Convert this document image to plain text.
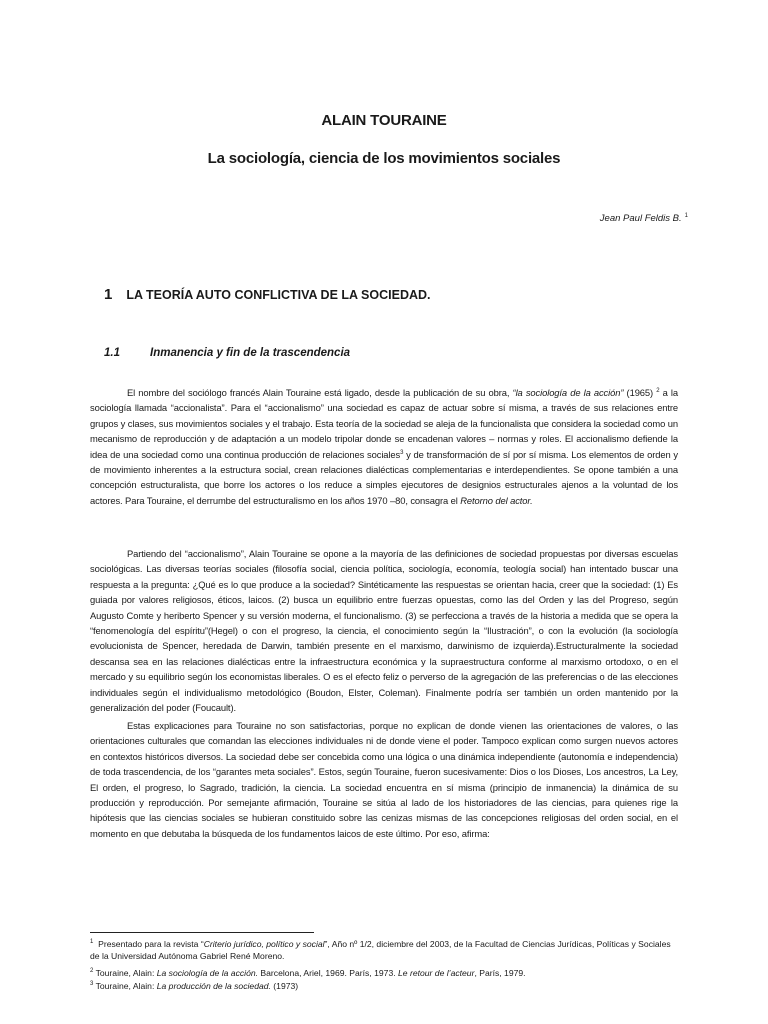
ALAIN TOURAINE
La sociología, ciencia de los movimientos sociales
Jean Paul Feldis B. $^1$
1 LA TEORÍA AUTO CONFLICTIVA DE LA SOCIEDAD.
1.1	Inmanencia y fin de la trascendencia
El nombre del sociólogo francés Alain Touraine está ligado, desde la publicación de su obra, “la sociología de la acción” (1965) $^2$ a la sociología llamada “accionalista”. Para el “accionalismo” una sociedad es capaz de actuar sobre sí misma, a través de sus relaciones entre grupos y clases, sus movimientos sociales y el trabajo. Esta teoría de la sociedad se aleja de la funcionalista que considera la sociedad como un mecanismo de reproducción y de adaptación a un modelo tripolar donde se encadenan valores – normas y roles. El accionalismo defiende la idea de una sociedad como una continua producción de relaciones sociales$^3$ y de transformación de sí por sí misma. Los elementos de orden y de movimiento inherentes a la estructura social, crean relaciones dialécticas complementarias e interdependientes. Se opone también a una concepción estructuralista, que borre los actores o los reduce a simples ejecutores de designios estructurales ajenos a la voluntad de los actores. Para Touraine, el derrumbe del estructuralismo en los años 1970 –80, consagra el Retorno del actor.
Partiendo del “accionalismo”, Alain Touraine se opone a la mayoría de las definiciones de sociedad propuestas por diversas escuelas sociológicas. Las diversas teorías sociales (filosofía social, ciencia política, sociología, economía, teología social) han intentado buscar una respuesta a la pregunta: ¿Qué es lo que produce a la sociedad? Sintéticamente las respuestas se orientan hacia, creer que la sociedad: (1) Es guiada por valores religiosos, éticos, laicos. (2) busca un equilibrio entre fuerzas opuestas, como las del Orden y las del Progreso, según Augusto Comte y heriberto Spencer y su versión moderna, el funcionalismo. (3) se perfecciona a través de la historia a medida que se opera la “fenomenología del espíritu”(Hegel) o con el progreso, la ciencia, el conocimiento según la “Ilustración”, o con la evolución (la sociología evolucionista de Spencer, heredada de Darwin, también presente en el marxismo, darwinismo de izquierda).Estructuralmente la sociedad descansa sea en las relaciones dialécticas entre la infraestructura económica y la supraestructura conforme al marxismo ortodoxo, o en el mercado y su equilibrio según los economistas liberales. O es el efecto feliz o perverso de la agregación de las preferencias o de las elecciones individuales según el individualismo metodológico (Boudon, Elster, Coleman). Finalmente podría ser también un orden mantenido por la generalización del poder (Foucault).
Estas explicaciones para Touraine no son satisfactorias, porque no explican de donde vienen las orientaciones de valores, o las orientaciones culturales que comandan las elecciones individuales ni de donde viene el poder. Tampoco explican como surgen nuevos actores en contextos históricos diversos. La sociedad debe ser concebida como una lógica o una dinámica independiente (autonomía e independencia) de toda trascendencia, de los “garantes meta sociales”. Estos, según Touraine, fueron sucesivamente: Dios o los Dioses, Los ancestros, La Ley, El orden, el progreso, lo Sagrado, tradición, la ciencia. La sociedad encuentra en sí misma (principio de inmanencia) la dinámica de su producción y reproducción. Por semejante afirmación, Touraine se sitúa al lado de los historiadores de las ciencias, para quienes rige la hipótesis que las ciencias sociales se hubieran constituido sobre las cenizas mismas de las concepciones religiosas del orden social, en el momento en que debutaba la búsqueda de los fundamentos laicos de este último. Por eso, afirma:
$^1$ Presentado para la revista “Criterio jurídico, político y social”, Año nº 1/2, diciembre del 2003, de la Facultad de Ciencias Jurídicas, Políticas y Sociales de la Universidad Autónoma Gabriel René Moreno.
$^2$ Touraine, Alain: La sociología de la acción. Barcelona, Ariel, 1969. París, 1973. Le retour de l’acteur, París, 1979.
$^3$ Touraine, Alain: La producción de la sociedad. (1973)
